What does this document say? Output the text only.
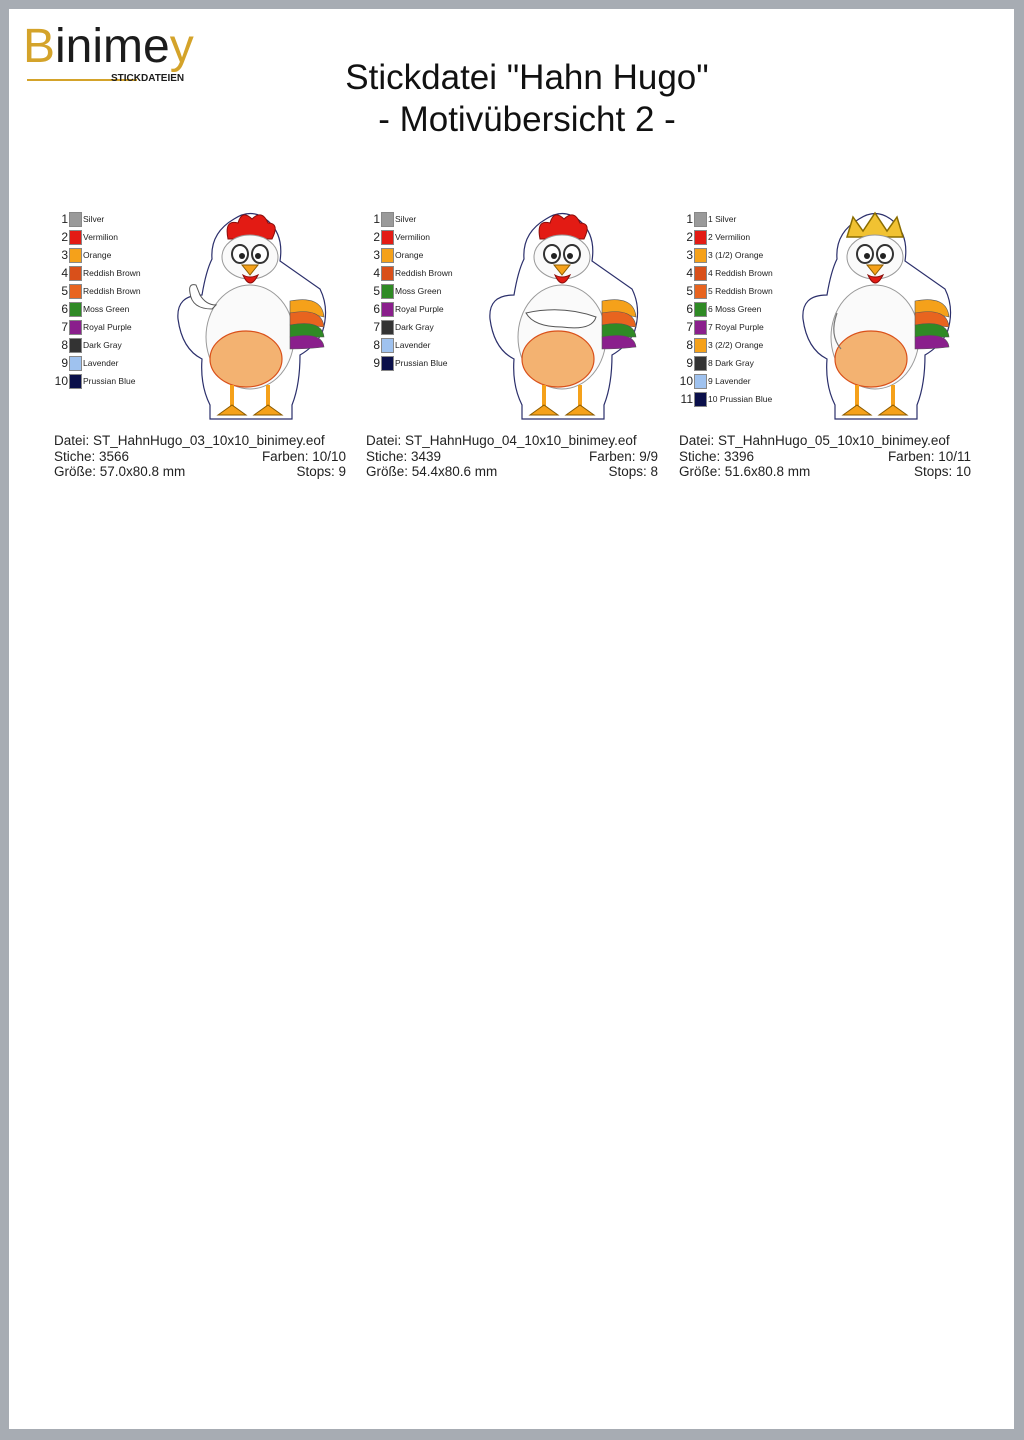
Binimey
STICKDATEIEN	Stickdatei "Hahn Hugo"
- Motivübersicht 2 -
1 Silver
2 Vermilion
3 Orange
4 Reddish Brown
5 Reddish Brown
6 Moss Green
7 Royal Purple
8 Dark Gray
9 Lavender
10 Prussian Blue
Datei: ST_HahnHugo_03_10x10_binimey.eof
Stiche: 3566	Farben: 10/10
Größe: 57.0x80.8 mm	Stops: 9
1 Silver
2 Vermilion
3 Orange
4 Reddish Brown
5 Moss Green
6 Royal Purple
7 Dark Gray
8 Lavender
9 Prussian Blue
Datei: ST_HahnHugo_04_10x10_binimey.eof
Stiche: 3439	Farben: 9/9
Größe: 54.4x80.6 mm	Stops: 8
1 1 Silver
2 2 Vermilion
3 3 (1/2) Orange
4 4 Reddish Brown
5 5 Reddish Brown
6 6 Moss Green
7 7 Royal Purple
8 3 (2/2) Orange
9 8 Dark Gray
10 9 Lavender
11 10 Prussian Blue
Datei: ST_HahnHugo_05_10x10_binimey.eof
Stiche: 3396	Farben: 10/11
Größe: 51.6x80.8 mm	Stops: 10
